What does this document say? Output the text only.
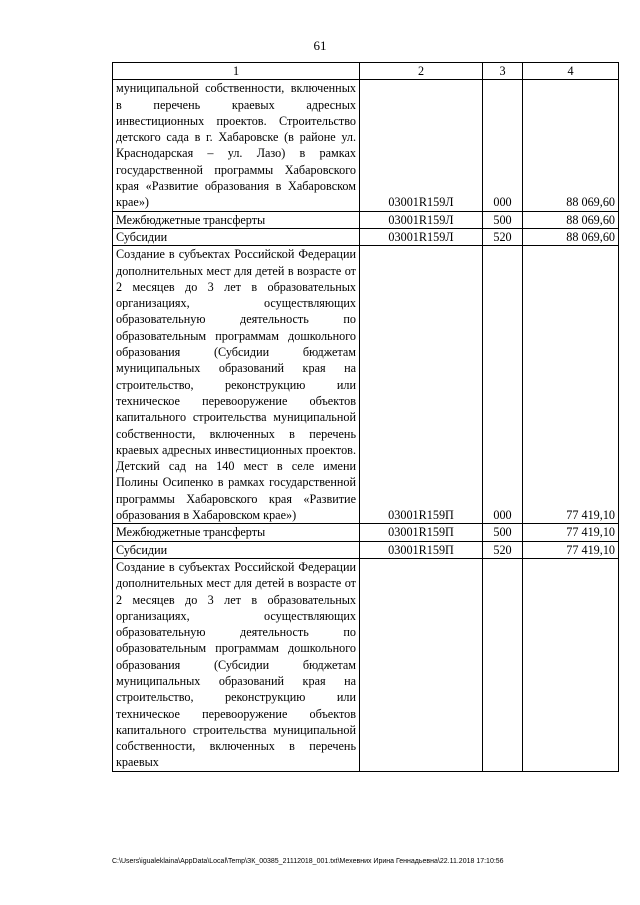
61
1	2	3	4
муниципальной собственности, включенных в перечень краевых адресных инвестиционных проектов. Строительство детского сада в г. Хабаровске (в районе ул. Краснодарская – ул. Лазо) в рамках государственной программы Хабаровского края «Развитие образования в Хабаровском крае»)	03001R159Л	000	88 069,60
Межбюджетные трансферты	03001R159Л	500	88 069,60
Субсидии	03001R159Л	520	88 069,60
Создание в субъектах Российской Федерации дополнительных мест для детей в возрасте от 2 месяцев до 3 лет в образовательных организациях, осуществляющих образовательную деятельность по образовательным программам дошкольного образования (Субсидии бюджетам муниципальных образований края на строительство, реконструкцию или техническое перевооружение объектов капитального строительства муниципальной собственности, включенных в перечень краевых адресных инвестиционных проектов. Детский сад на 140 мест в селе имени Полины Осипенко в рамках государственной программы Хабаровского края «Развитие образования в Хабаровском крае»)	03001R159П	000	77 419,10
Межбюджетные трансферты	03001R159П	500	77 419,10
Субсидии	03001R159П	520	77 419,10
Создание в субъектах Российской Федерации дополнительных мест для детей в возрасте от 2 месяцев до 3 лет в образовательных организациях, осуществляющих образовательную деятельность по образовательным программам дошкольного образования (Субсидии бюджетам муниципальных образований края на строительство, реконструкцию или техническое перевооружение объектов капитального строительства муниципальной собственности, включенных в перечень краевых			
C:\Users\igualeklaina\AppData\Local\Temp\ЗК_00385_21112018_001.txt\Мехевних Ирина Геннадьевна\22.11.2018 17:10:56
